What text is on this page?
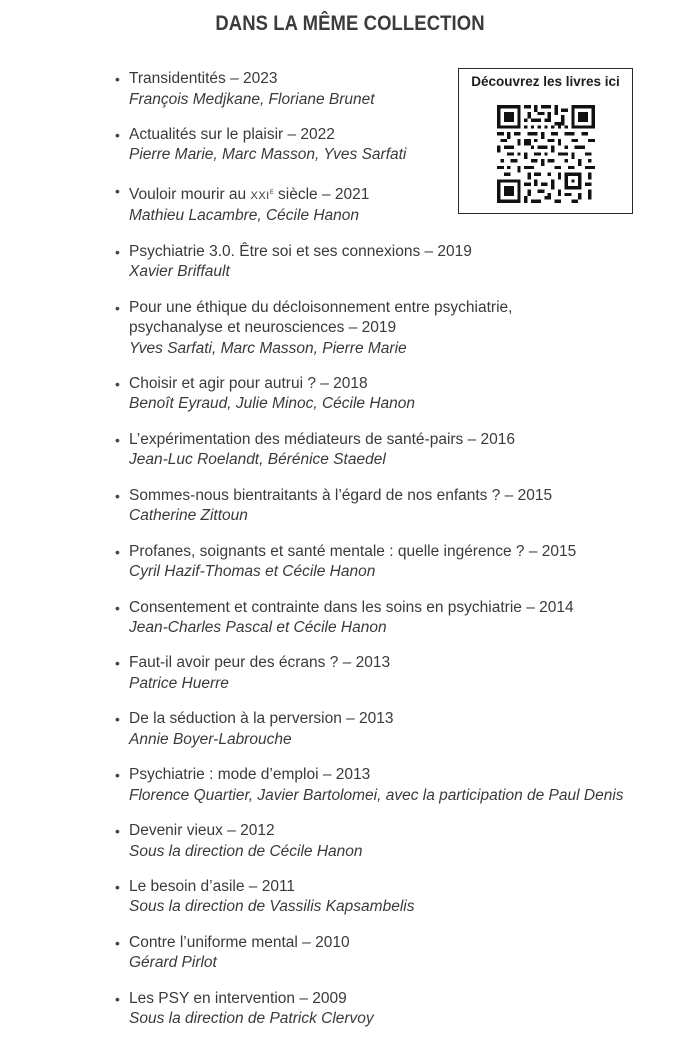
DANS LA MÊME COLLECTION
Découvrez les livres ici
• Transidentités – 2023
François Medjkane, Floriane Brunet
• Actualités sur le plaisir – 2022
Pierre Marie, Marc Masson, Yves Sarfati
• Vouloir mourir au XXIe siècle – 2021
Mathieu Lacambre, Cécile Hanon
• Psychiatrie 3.0. Être soi et ses connexions – 2019
Xavier Briffault
• Pour une éthique du décloisonnement entre psychiatrie,
psychanalyse et neurosciences – 2019
Yves Sarfati, Marc Masson, Pierre Marie
• Choisir et agir pour autrui ? – 2018
Benoît Eyraud, Julie Minoc, Cécile Hanon
• L’expérimentation des médiateurs de santé-pairs – 2016
Jean-Luc Roelandt, Bérénice Staedel
• Sommes-nous bientraitants à l’égard de nos enfants ? – 2015
Catherine Zittoun
• Profanes, soignants et santé mentale : quelle ingérence ? – 2015
Cyril Hazif-Thomas et Cécile Hanon
• Consentement et contrainte dans les soins en psychiatrie – 2014
Jean-Charles Pascal et Cécile Hanon
• Faut-il avoir peur des écrans ? – 2013
Patrice Huerre
• De la séduction à la perversion – 2013
Annie Boyer-Labrouche
• Psychiatrie : mode d’emploi – 2013
Florence Quartier, Javier Bartolomei, avec la participation de Paul Denis
• Devenir vieux – 2012
Sous la direction de Cécile Hanon
• Le besoin d’asile – 2011
Sous la direction de Vassilis Kapsambelis
• Contre l’uniforme mental – 2010
Gérard Pirlot
• Les PSY en intervention – 2009
Sous la direction de Patrick Clervoy
